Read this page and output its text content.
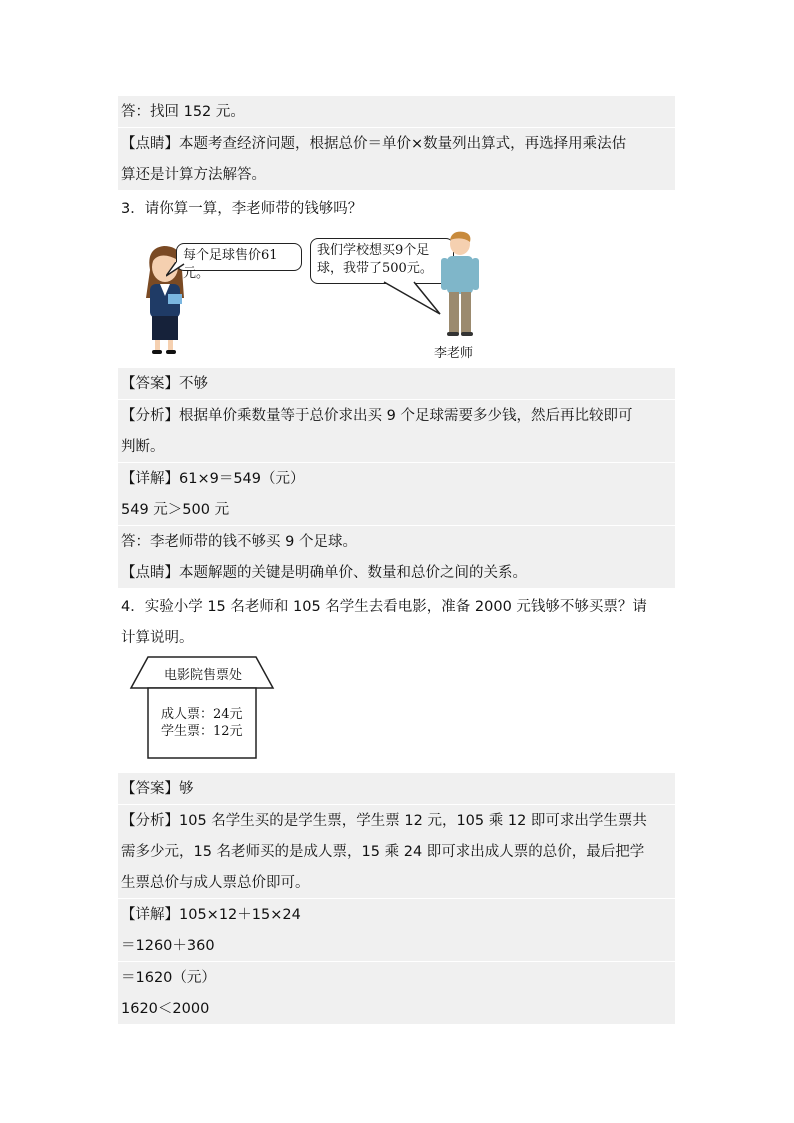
答：找回 152 元。
【点睛】本题考查经济问题，根据总价＝单价×数量列出算式，再选择用乘法估
算还是计算方法解答。
3．请你算一算，李老师带的钱够吗？
每个足球售价61元。
我们学校想买9个足
球，我带了500元。
李老师
【答案】不够
【分析】根据单价乘数量等于总价求出买 9 个足球需要多少钱，然后再比较即可
判断。
【详解】61×9＝549（元）
549 元＞500 元
答：李老师带的钱不够买 9 个足球。
【点睛】本题解题的关键是明确单价、数量和总价之间的关系。
4．实验小学 15 名老师和 105 名学生去看电影，准备 2000 元钱够不够买票？请
计算说明。
电影院售票处
成人票：24元
学生票：12元
【答案】够
【分析】105 名学生买的是学生票，学生票 12 元，105 乘 12 即可求出学生票共
需多少元，15 名老师买的是成人票，15 乘 24 即可求出成人票的总价，最后把学
生票总价与成人票总价即可。
【详解】105×12＋15×24
＝1260＋360
＝1620（元）
1620＜2000
